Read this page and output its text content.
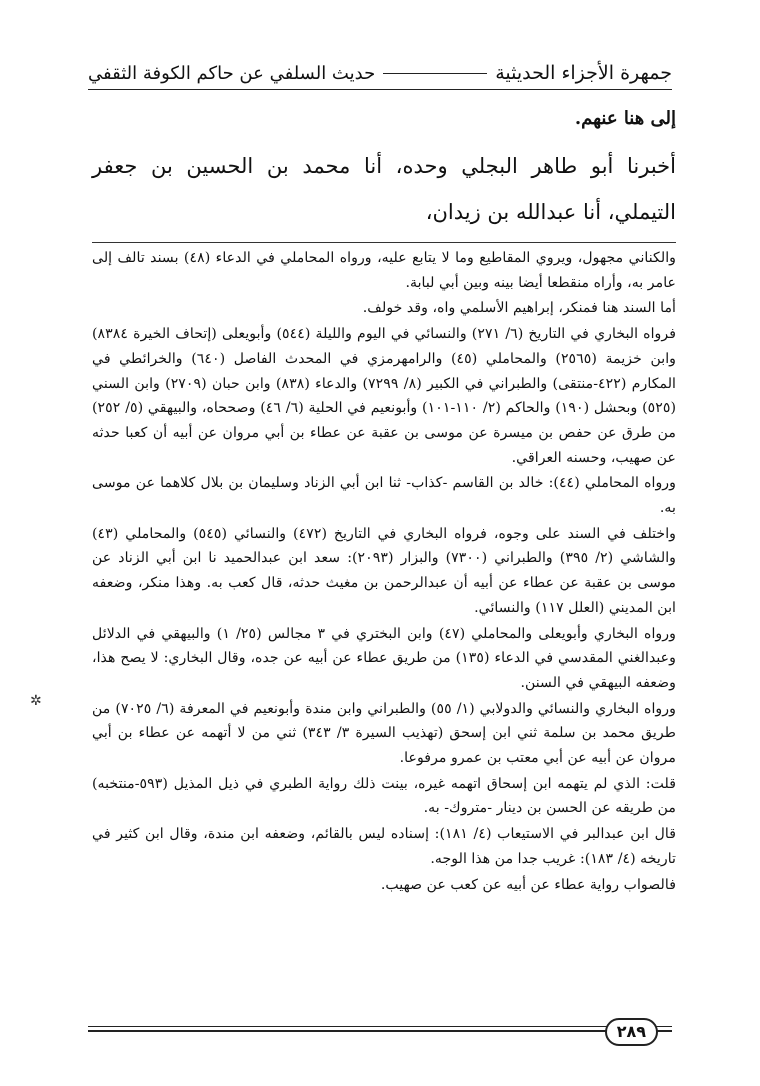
جمهرة الأجزاء الحديثية
حديث السلفي عن حاكم الكوفة الثقفي
إلى هنا عنهم.
أخبرنا أبو طاهر البجلي وحده، أنا محمد بن الحسين بن جعفر التيملي، أنا عبدالله بن زيدان،

والكناني مجهول، ويروي المقاطيع وما لا يتابع عليه، ورواه المحاملي في الدعاء (٤٨) بسند تالف إلى عامر به، وأراه منقطعا أيضا بينه وبين أبي لبابة.

أما السند هنا فمنكر، إبراهيم الأسلمي واه، وقد خولف.

فرواه البخاري في التاريخ (٦/ ٢٧١) والنسائي في اليوم والليلة (٥٤٤) وأبويعلى (إتحاف الخيرة ٨٣٨٤) وابن خزيمة (٢٥٦٥) والمحاملي (٤٥) والرامهرمزي في المحدث الفاصل (٦٤٠) والخرائطي في المكارم (٤٢٢-منتقى) والطبراني في الكبير (٨/ ٧٢٩٩) والدعاء (٨٣٨) وابن حبان (٢٧٠٩) وابن السني (٥٢٥) وبحشل (١٩٠) والحاكم (٢/ ١١٠-١٠١) وأبونعيم في الحلية (٦/ ٤٦) وصححاه، والبيهقي (٥/ ٢٥٢) من طرق عن حفص بن ميسرة عن موسى بن عقبة عن عطاء بن أبي مروان عن أبيه أن كعبا حدثه عن صهيب، وحسنه العراقي.

ورواه المحاملي (٤٤): خالد بن القاسم -كذاب- ثنا ابن أبي الزناد وسليمان بن بلال كلاهما عن موسى به.

واختلف في السند على وجوه، فرواه البخاري في التاريخ (٤٧٢) والنسائي (٥٤٥) والمحاملي (٤٣) والشاشي (٢/ ٣٩٥) والطبراني (٧٣٠٠) والبزار (٢٠٩٣): سعد ابن عبدالحميد نا ابن أبي الزناد عن موسى بن عقبة عن عطاء عن أبيه أن عبدالرحمن بن مغيث حدثه، قال كعب به. وهذا منكر، وضعفه ابن المديني (العلل ١١٧) والنسائي.

ورواه البخاري وأبويعلى والمحاملي (٤٧) وابن البختري في ٣ مجالس (٢٥/ ١) والبيهقي في الدلائل وعبدالغني المقدسي في الدعاء (١٣٥) من طريق عطاء عن أبيه عن جده، وقال البخاري: لا يصح هذا، وضعفه البيهقي في السنن.

ورواه البخاري والنسائي والدولابي (١/ ٥٥) والطبراني وابن مندة وأبونعيم في المعرفة (٦/ ٧٠٢٥) من طريق محمد بن سلمة ثني ابن إسحق (تهذيب السيرة ٣/ ٣٤٣) ثني من لا أتهمه عن عطاء بن أبي مروان عن أبيه عن أبي معتب بن عمرو مرفوعا.

قلت: الذي لم يتهمه ابن إسحاق اتهمه غيره، بينت ذلك رواية الطبري في ذيل المذيل (٥٩٣-منتخبه) من طريقه عن الحسن بن دينار -متروك- به.

قال ابن عبدالبر في الاستيعاب (٤/ ١٨١): إسناده ليس بالقائم، وضعفه ابن مندة، وقال ابن كثير في تاريخه (٤/ ١٨٣): غريب جدا من هذا الوجه.

فالصواب رواية عطاء عن أبيه عن كعب عن صهيب.

✲
٢٨٩
